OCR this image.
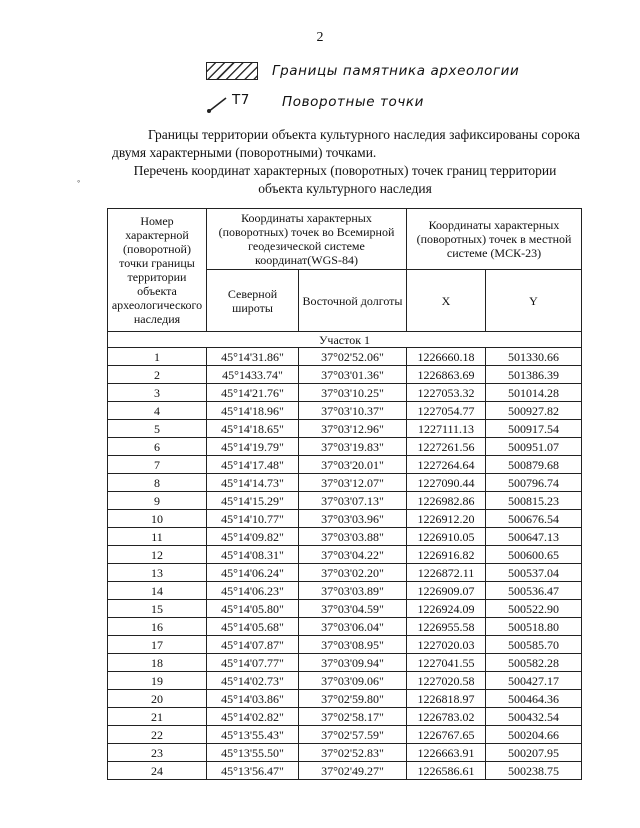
2
Границы памятника археологии
Т7 Поворотные точки

Границы территории объекта культурного наследия зафиксированы сорока двумя характерными (поворотными) точками.

◦
Перечень координат характерных (поворотных) точек границ территории
объекта культурного наследия
Номер характерной (поворотной) точки границы территории объекта археологического наследия	Координаты характерных (поворотных) точек во Всемирной геодезической системе координат(WGS-84)		Координаты характерных (поворотных) точек в местной системе (МСК-23)	
	Северной широты	Восточной долготы	X	Y
Участок 1				
1	45°14'31.86"	37°02'52.06"	1226660.18	501330.66
2	45°1433.74"	37°03'01.36"	1226863.69	501386.39
3	45°14'21.76"	37°03'10.25"	1227053.32	501014.28
4	45°14'18.96"	37°03'10.37"	1227054.77	500927.82
5	45°14'18.65"	37°03'12.96"	1227111.13	500917.54
6	45°14'19.79"	37°03'19.83"	1227261.56	500951.07
7	45°14'17.48"	37°03'20.01"	1227264.64	500879.68
8	45°14'14.73"	37°03'12.07"	1227090.44	500796.74
9	45°14'15.29"	37°03'07.13"	1226982.86	500815.23
10	45°14'10.77"	37°03'03.96"	1226912.20	500676.54
11	45°14'09.82"	37°03'03.88"	1226910.05	500647.13
12	45°14'08.31"	37°03'04.22"	1226916.82	500600.65
13	45°14'06.24"	37°03'02.20"	1226872.11	500537.04
14	45°14'06.23"	37°03'03.89"	1226909.07	500536.47
15	45°14'05.80"	37°03'04.59"	1226924.09	500522.90
16	45°14'05.68"	37°03'06.04"	1226955.58	500518.80
17	45°14'07.87"	37°03'08.95"	1227020.03	500585.70
18	45°14'07.77"	37°03'09.94"	1227041.55	500582.28
19	45°14'02.73"	37°03'09.06"	1227020.58	500427.17
20	45°14'03.86"	37°02'59.80"	1226818.97	500464.36
21	45°14'02.82"	37°02'58.17"	1226783.02	500432.54
22	45°13'55.43"	37°02'57.59"	1226767.65	500204.66
23	45°13'55.50"	37°02'52.83"	1226663.91	500207.95
24	45°13'56.47"	37°02'49.27"	1226586.61	500238.75
